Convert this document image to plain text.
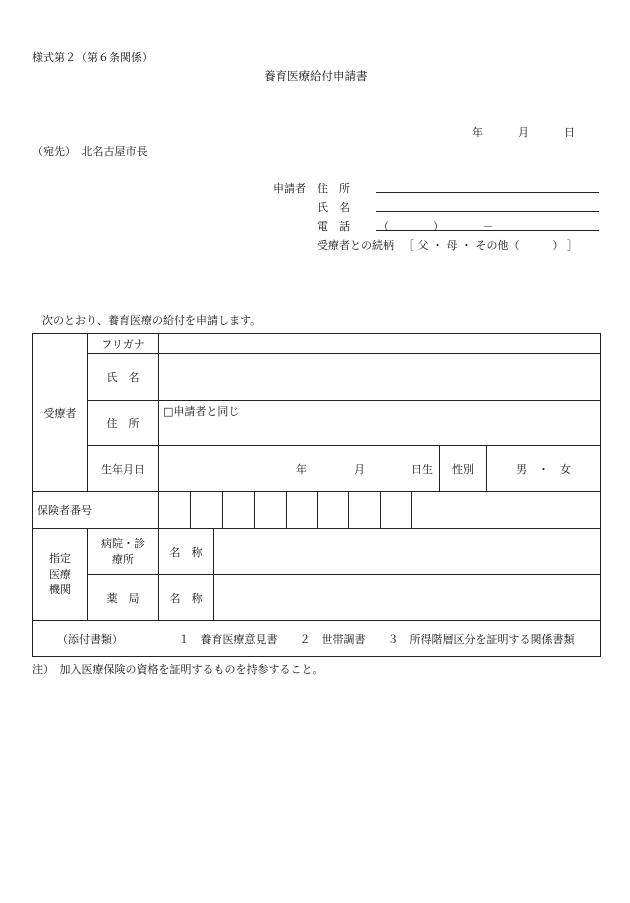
様式第２（第６条関係）
養育医療給付申請書
年	月	日
（宛先）　北名古屋市長
申請者 住　所
氏　名
電　話	（　　　　）　　　　－
受療者との続柄 ［ 父 ・ 母 ・ その他（　　　） ］
次のとおり、養育医療の給付を申請します。
受療者	フリガナ				
	氏　名				
	住　所	□申請者と同じ			
	生年月日	年 月 日生		性別	男　・　女
保険者番号					

指定医療機関	病院・診療所	名　称			
	薬　局	名　称			
（添付書類） １　養育医療意見書　　２　世帯調書　　３　所得階層区分を証明する関係書類					
注）　加入医療保険の資格を証明するものを持参すること。
